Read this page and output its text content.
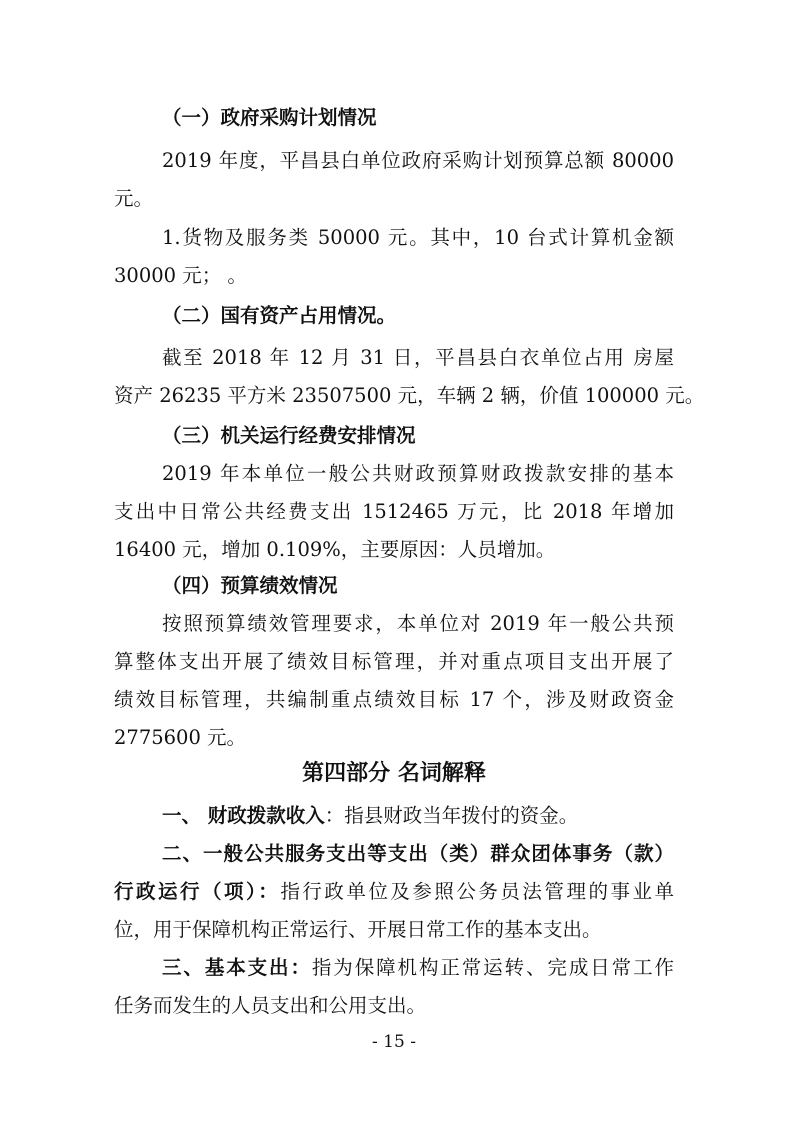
（一）政府采购计划情况
2019 年度，平昌县白单位政府采购计划预算总额 80000
元。
1.货物及服务类 50000 元。其中，10 台式计算机金额
30000 元； 。
（二）国有资产占用情况。
截至 2018 年 12 月 31 日，平昌县白衣单位占用 房屋
资产 26235 平方米 23507500 元，车辆 2 辆，价值 100000 元。
（三）机关运行经费安排情况
2019 年本单位一般公共财政预算财政拨款安排的基本
支出中日常公共经费支出 1512465 万元，比 2018 年增加
16400 元，增加 0.109%，主要原因：人员增加。
（四）预算绩效情况
按照预算绩效管理要求，本单位对 2019 年一般公共预
算整体支出开展了绩效目标管理，并对重点项目支出开展了
绩效目标管理，共编制重点绩效目标 17 个，涉及财政资金
2775600 元。
第四部分 名词解释
一、 财政拨款收入：指县财政当年拨付的资金。
二、一般公共服务支出等支出（类）群众团体事务（款）
行政运行（项）：指行政单位及参照公务员法管理的事业单
位，用于保障机构正常运行、开展日常工作的基本支出。
三、基本支出：指为保障机构正常运转、完成日常工作
任务而发生的人员支出和公用支出。
- 15 -
